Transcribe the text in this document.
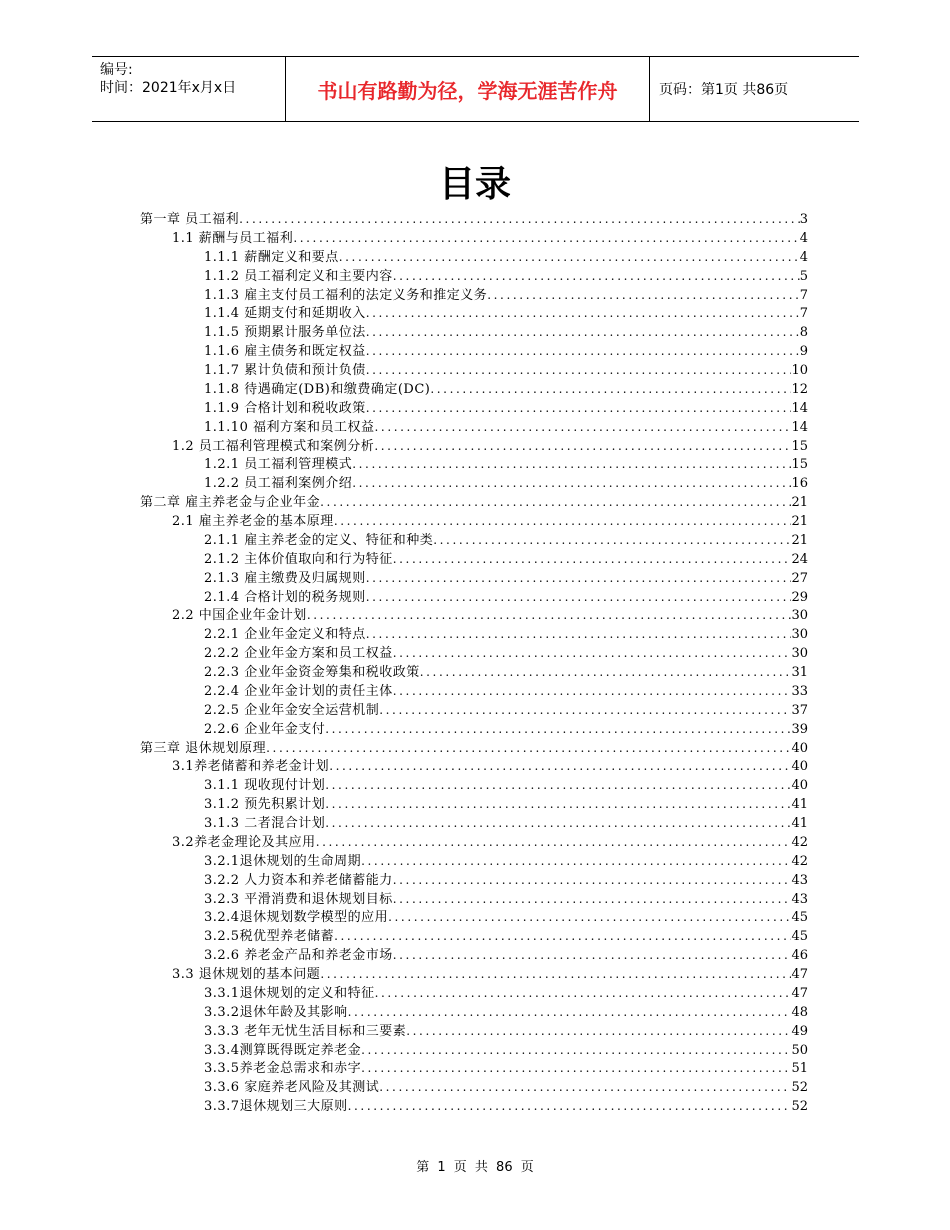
编号:
时间：2021年x月x日	书山有路勤为径，学海无涯苦作舟	页码：第1页 共86页
目录
第一章 员工福利 .....	3
1.1 薪酬与员工福利 .....	4
1.1.1 薪酬定义和要点 .....	4
1.1.2 员工福利定义和主要内容 .....	5
1.1.3 雇主支付员工福利的法定义务和推定义务 .....	7
1.1.4 延期支付和延期收入 .....	7
1.1.5 预期累计服务单位法 .....	8
1.1.6 雇主债务和既定权益 .....	9
1.1.7 累计负债和预计负债 .....	10
1.1.8 待遇确定(DB)和缴费确定(DC) .....	12
1.1.9 合格计划和税收政策 .....	14
1.1.10 福利方案和员工权益 .....	14
1.2 员工福利管理模式和案例分析 .....	15
1.2.1 员工福利管理模式 .....	15
1.2.2 员工福利案例介绍 .....	16
第二章 雇主养老金与企业年金 .....	21
2.1 雇主养老金的基本原理 .....	21
2.1.1 雇主养老金的定义、特征和种类 .....	21
2.1.2 主体价值取向和行为特征 .....	24
2.1.3 雇主缴费及归属规则 .....	27
2.1.4 合格计划的税务规则 .....	29
2.2 中国企业年金计划 .....	30
2.2.1 企业年金定义和特点 .....	30
2.2.2 企业年金方案和员工权益 .....	30
2.2.3 企业年金资金筹集和税收政策 .....	31
2.2.4 企业年金计划的责任主体 .....	33
2.2.5 企业年金安全运营机制 .....	37
2.2.6 企业年金支付 .....	39
第三章 退休规划原理 .....	40
3.1养老储蓄和养老金计划 .....	40
3.1.1 现收现付计划 .....	40
3.1.2 预先积累计划 .....	41
3.1.3 二者混合计划 .....	41
3.2养老金理论及其应用 .....	42
3.2.1退休规划的生命周期 .....	42
3.2.2 人力资本和养老储蓄能力 .....	43
3.2.3 平滑消费和退休规划目标 .....	43
3.2.4退休规划数学模型的应用 .....	45
3.2.5税优型养老储蓄 .....	45
3.2.6 养老金产品和养老金市场 .....	46
3.3 退休规划的基本问题 .....	47
3.3.1退休规划的定义和特征 .....	47
3.3.2退休年龄及其影响 .....	48
3.3.3 老年无忧生活目标和三要素 .....	49
3.3.4测算既得既定养老金 .....	50
3.3.5养老金总需求和赤字 .....	51
3.3.6 家庭养老风险及其测试 .....	52
3.3.7退休规划三大原则 .....	52
第 1 页 共 86 页
